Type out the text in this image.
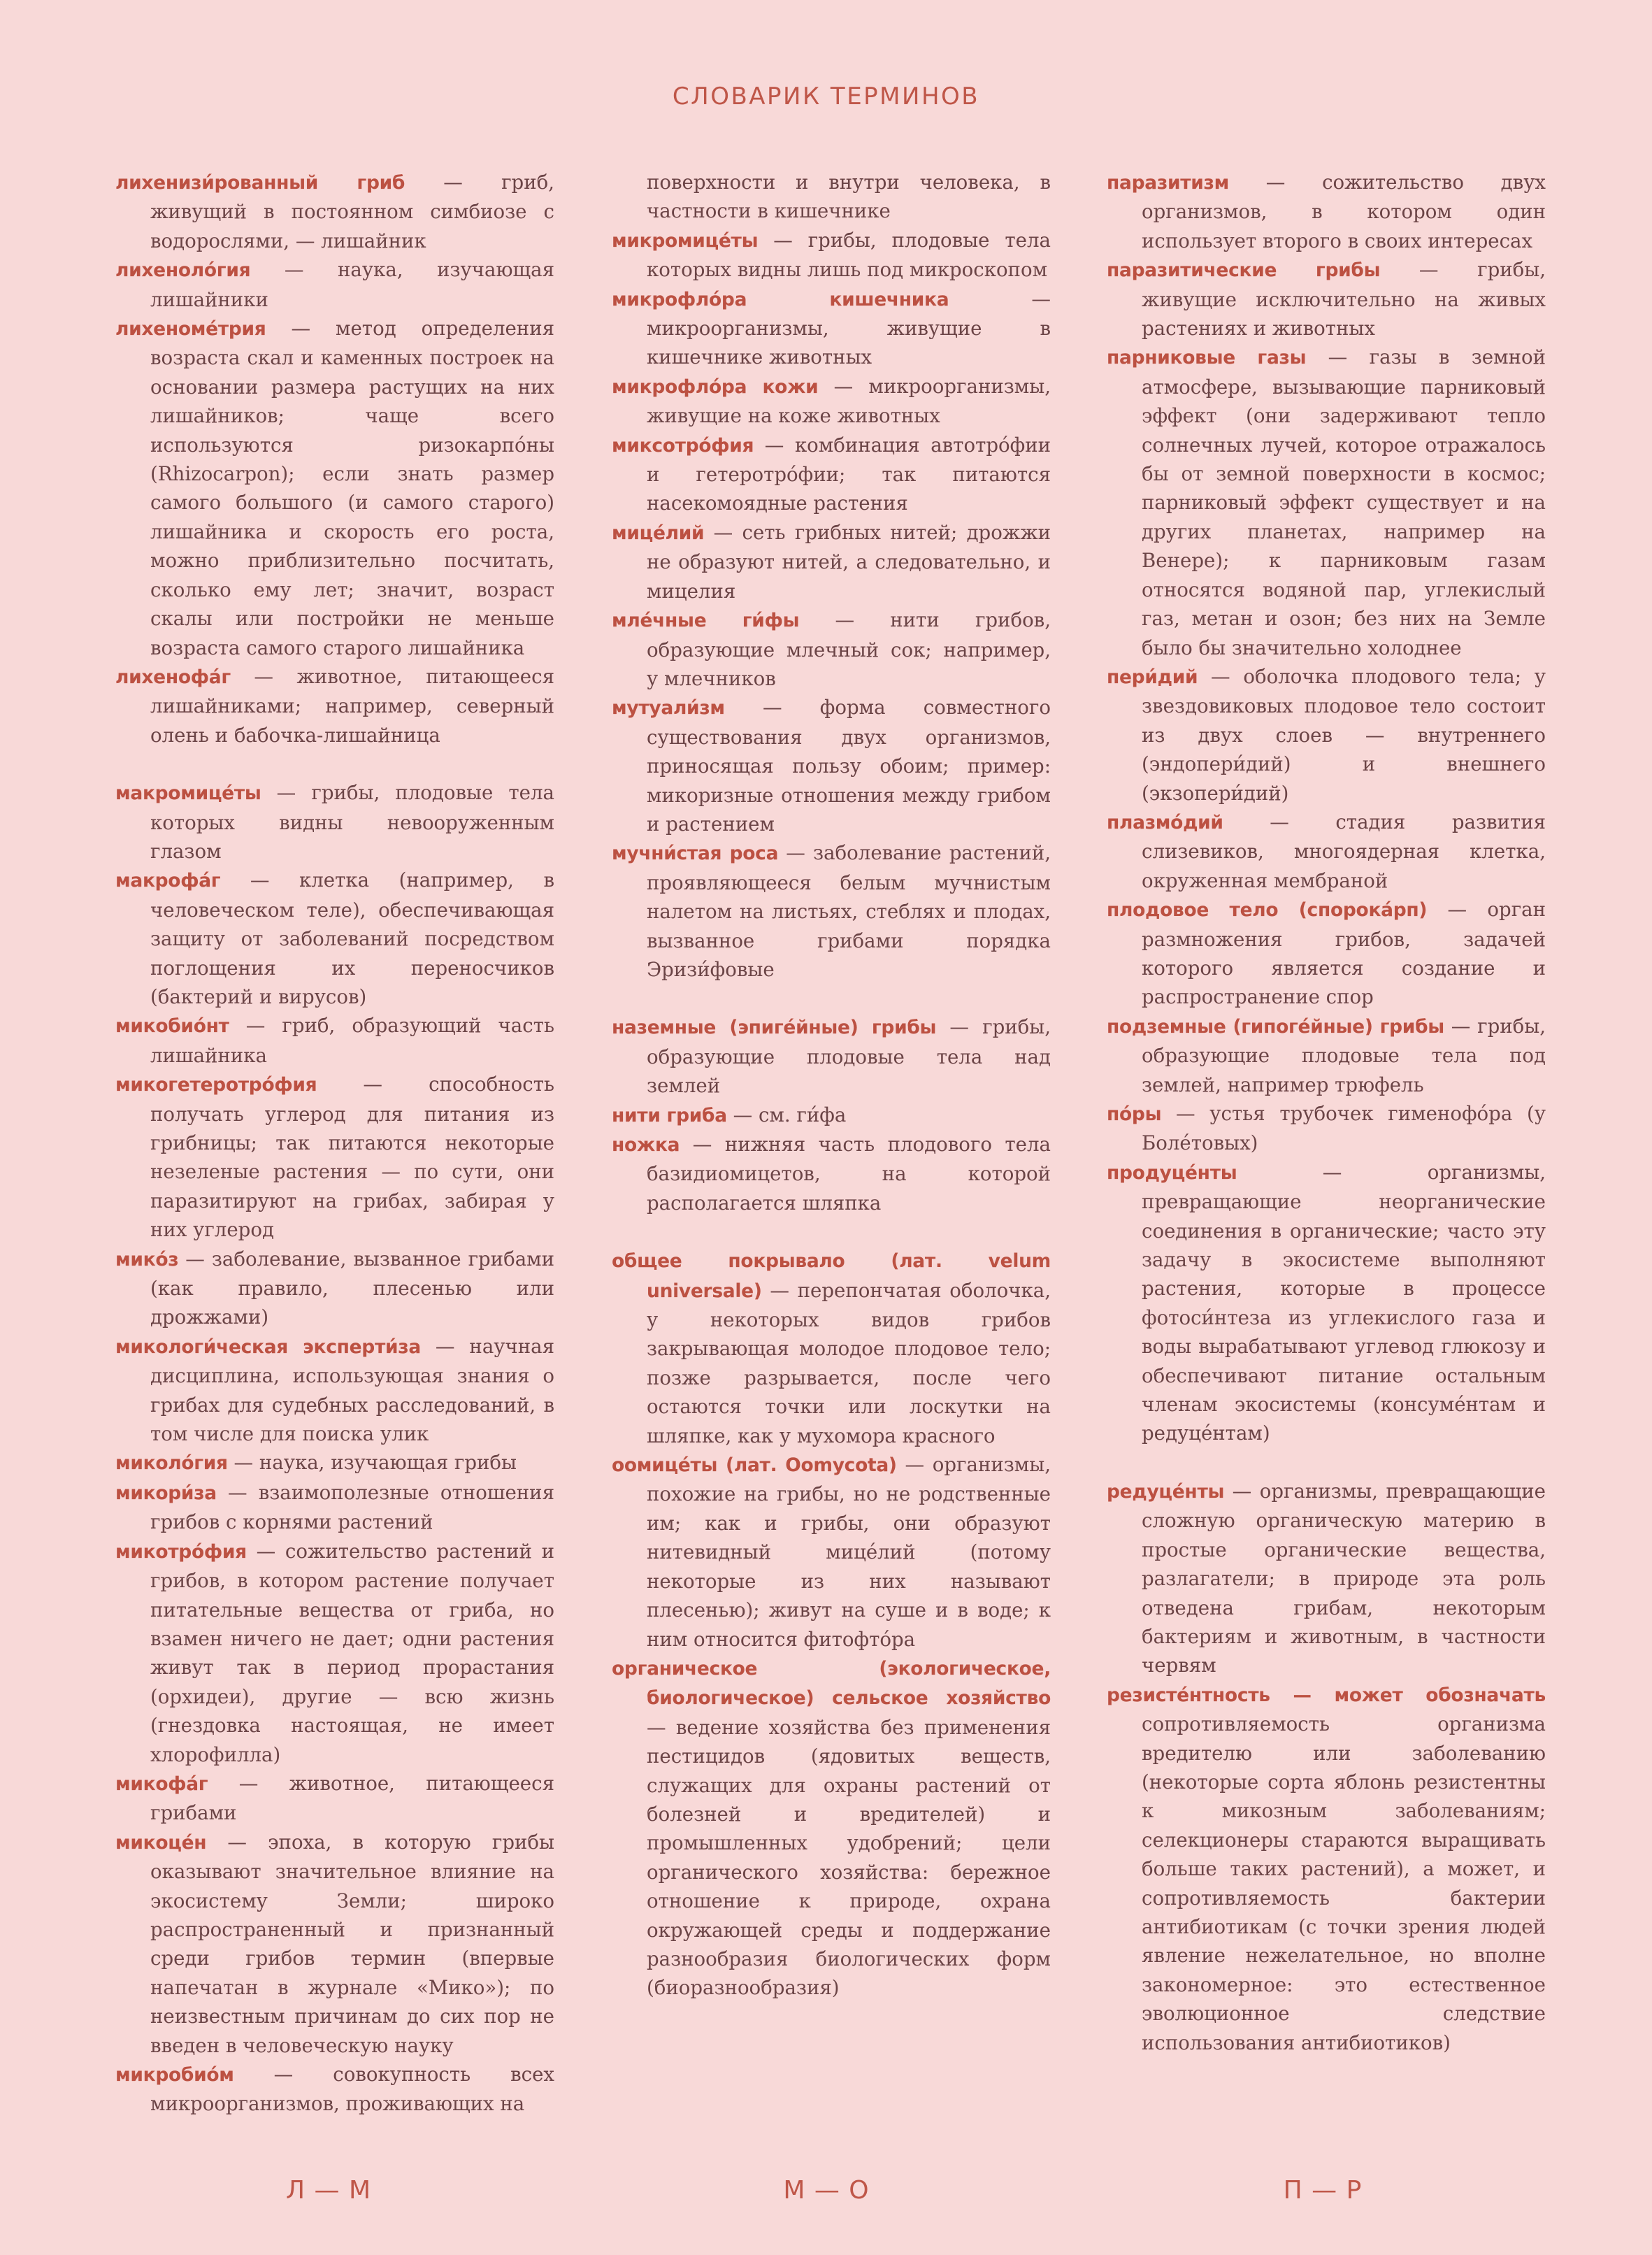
СЛОВАРИК ТЕРМИНОВ

лихенизи́рованный гриб — гриб, живущий в постоянном симбиозе с водорослями, — лишайник

лихеноло́гия — наука, изучающая лишайники

лихеноме́трия — метод определения возраста скал и каменных построек на основании размера растущих на них лишайников; чаще всего используются ризокарпо́ны (Rhizocarpon); если знать размер самого большого (и самого старого) лишайника и скорость его роста, можно приблизительно посчитать, сколько ему лет; значит, возраст скалы или постройки не меньше возраста самого старого лишайника

лихенофа́г — животное, питающееся лишайниками; например, северный олень и бабочка-лишайница

макромице́ты — грибы, плодовые тела которых видны невооруженным глазом

макрофа́г — клетка (например, в человеческом теле), обеспечивающая защиту от заболеваний посредством поглощения их переносчиков (бактерий и вирусов)

микобио́нт — гриб, образующий часть лишайника

микогетеротро́фия — способность получать углерод для питания из грибницы; так питаются некоторые незеленые растения — по сути, они паразитируют на грибах, забирая у них углерод

мико́з — заболевание, вызванное грибами (как правило, плесенью или дрожжами)

микологи́ческая эксперти́за — научная дисциплина, использующая знания о грибах для судебных расследований, в том числе для поиска улик

миколо́гия — наука, изучающая грибы

микори́за — взаимополезные отношения грибов с корнями растений

микотро́фия — сожительство растений и грибов, в котором растение получает питательные вещества от гриба, но взамен ничего не дает; одни растения живут так в период прорастания (орхидеи), другие — всю жизнь (гнездовка настоящая, не имеет хлорофилла)

микофа́г — животное, питающееся грибами

микоце́н — эпоха, в которую грибы оказывают значительное влияние на экосистему Земли; широко распространенный и признанный среди грибов термин (впервые напечатан в журнале «Мико»); по неизвестным причинам до сих пор не введен в человеческую науку

микробио́м — совокупность всех микроорганизмов, проживающих на

поверхности и внутри человека, в частности в кишечнике

микромице́ты — грибы, плодовые тела которых видны лишь под микроскопом

микрофло́ра кишечника — микроорганизмы, живущие в кишечнике животных

микрофло́ра кожи — микроорганизмы, живущие на коже животных

миксотро́фия — комбинация автотро́фии и гетеротро́фии; так питаются насекомоядные растения

мице́лий — сеть грибных нитей; дрожжи не образуют нитей, а следовательно, и мицелия

мле́чные ги́фы — нити грибов, образующие млечный сок; например, у млечников

мутуали́зм — форма совместного существования двух организмов, приносящая пользу обоим; пример: микоризные отношения между грибом и растением

мучни́стая роса — заболевание растений, проявляющееся белым мучнистым налетом на листьях, стеблях и плодах, вызванное грибами порядка Эризи́фовые

наземные (эпиге́йные) грибы — грибы, образующие плодовые тела над землей

нити гриба — см. ги́фа

ножка — нижняя часть плодового тела базидиомицетов, на которой располагается шляпка

общее покрывало (лат. velum universale) — перепончатая оболочка, у некоторых видов грибов закрывающая молодое плодовое тело; позже разрывается, после чего остаются точки или лоскутки на шляпке, как у мухомора красного

оомице́ты (лат. Oomycota) — организмы, похожие на грибы, но не родственные им; как и грибы, они образуют нитевидный мице́лий (потому некоторые из них называют плесенью); живут на суше и в воде; к ним относится фитофто́ра

органическое (экологическое, биологическое) сельское хозяйство — ведение хозяйства без применения пестицидов (ядовитых веществ, служащих для охраны растений от болезней и вредителей) и промышленных удобрений; цели органического хозяйства: бережное отношение к природе, охрана окружающей среды и поддержание разнообразия биологических форм (биоразнообразия)

паразитизм — сожительство двух организмов, в котором один использует второго в своих интересах

паразитические грибы — грибы, живущие исключительно на живых растениях и животных

парниковые газы — газы в земной атмосфере, вызывающие парниковый эффект (они задерживают тепло солнечных лучей, которое отражалось бы от земной поверхности в космос; парниковый эффект существует и на других планетах, например на Венере); к парниковым газам относятся водяной пар, углекислый газ, метан и озон; без них на Земле было бы значительно холоднее

пери́дий — оболочка плодового тела; у звездовиковых плодовое тело состоит из двух слоев — внутреннего (эндопери́дий) и внешнего (экзопери́дий)

плазмо́дий — стадия развития слизевиков, многоядерная клетка, окруженная мембраной

плодовое тело (спорока́рп) — орган размножения грибов, задачей которого является создание и распространение спор

подземные (гипоге́йные) грибы — грибы, образующие плодовые тела под землей, например трюфель

по́ры — устья трубочек гименофо́ра (у Боле́товых)

продуце́нты — организмы, превращающие неорганические соединения в органические; часто эту задачу в экосистеме выполняют растения, которые в процессе фотоси́нтеза из углекислого газа и воды вырабатывают углевод глюкозу и обеспечивают питание остальным членам экосистемы (консуме́нтам и редуце́нтам)

редуце́нты — организмы, превращающие сложную органическую материю в простые органические вещества, разлагатели; в природе эта роль отведена грибам, некоторым бактериям и животным, в частности червям

резисте́нтность — может обозначать сопротивляемость организма вредителю или заболеванию (некоторые сорта яблонь резистентны к микозным заболеваниям; селекционеры стараются выращивать больше таких растений), а может, и сопротивляемость бактерии антибиотикам (с точки зрения людей явление нежелательное, но вполне закономерное: это естественное эволюционное следствие использования антибиотиков)

Л — М	М — О	П — Р
